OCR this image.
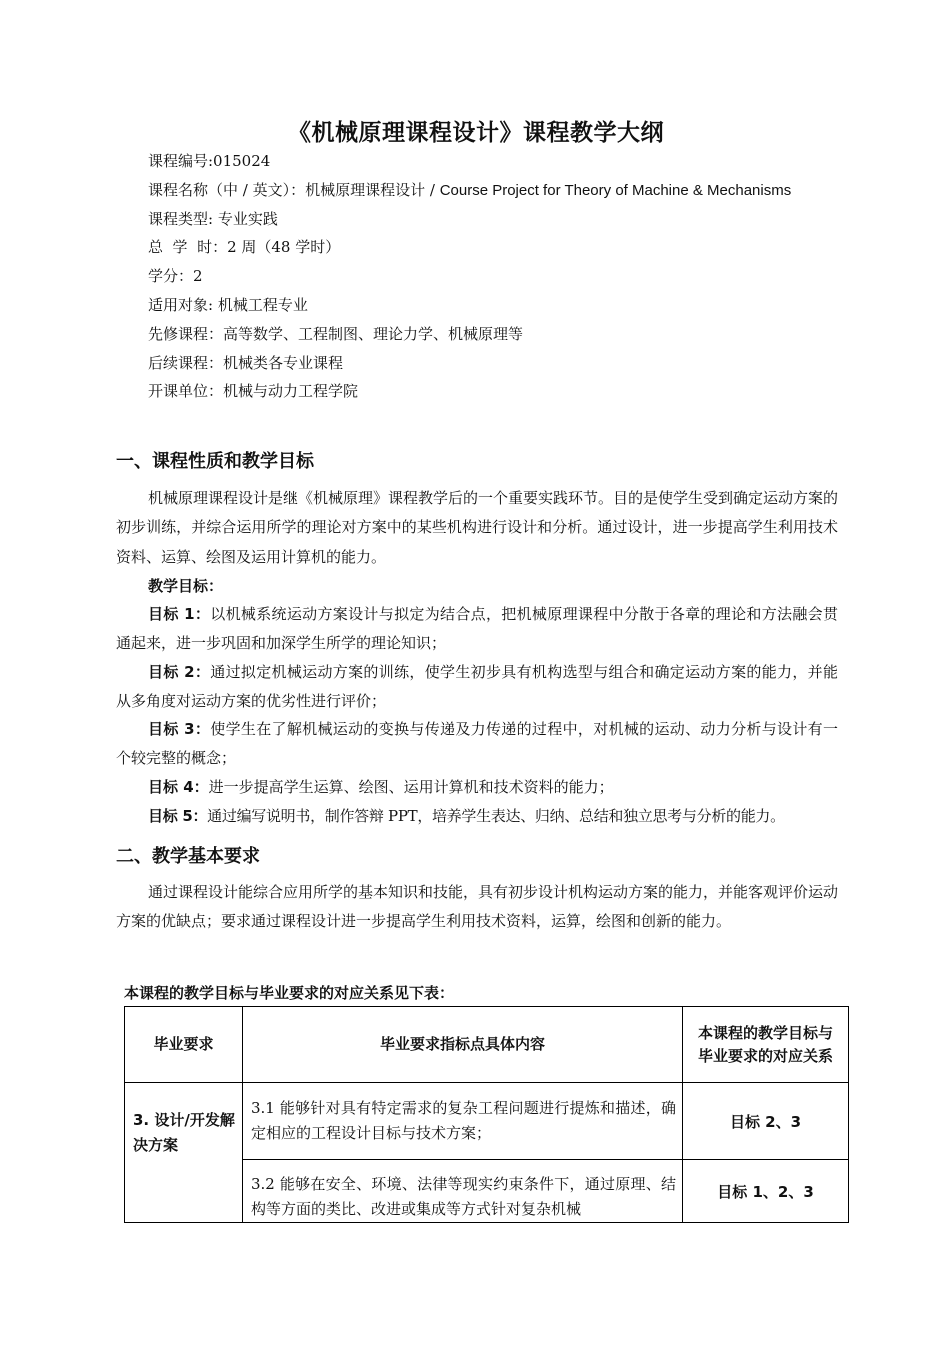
《机械原理课程设计》课程教学大纲
课程编号:015024
课程名称（中 / 英文）：机械原理课程设计 / Course Project for Theory of Machine & Mechanisms
课程类型: 专业实践
总  学  时：2 周（48 学时）
学分：2
适用对象: 机械工程专业
先修课程：高等数学、工程制图、理论力学、机械原理等
后续课程：机械类各专业课程
开课单位：机械与动力工程学院
一、课程性质和教学目标
机械原理课程设计是继《机械原理》课程教学后的一个重要实践环节。目的是使学生受到确定运动方案的初步训练，并综合运用所学的理论对方案中的某些机构进行设计和分析。通过设计，进一步提高学生利用技术资料、运算、绘图及运用计算机的能力。
教学目标：
目标 1：以机械系统运动方案设计与拟定为结合点，把机械原理课程中分散于各章的理论和方法融会贯通起来，进一步巩固和加深学生所学的理论知识；
目标 2：通过拟定机械运动方案的训练，使学生初步具有机构选型与组合和确定运动方案的能力，并能从多角度对运动方案的优劣性进行评价；
目标 3：使学生在了解机械运动的变换与传递及力传递的过程中，对机械的运动、动力分析与设计有一个较完整的概念；
目标 4：进一步提高学生运算、绘图、运用计算机和技术资料的能力；
目标 5：通过编写说明书，制作答辩 PPT，培养学生表达、归纳、总结和独立思考与分析的能力。
二、教学基本要求
通过课程设计能综合应用所学的基本知识和技能，具有初步设计机构运动方案的能力，并能客观评价运动方案的优缺点；要求通过课程设计进一步提高学生利用技术资料，运算，绘图和创新的能力。
本课程的教学目标与毕业要求的对应关系见下表：
毕业要求	毕业要求指标点具体内容	本课程的教学目标与毕业要求的对应关系

3. 设计/开发解决方案	3.1 能够针对具有特定需求的复杂工程问题进行提炼和描述，确定相应的工程设计目标与技术方案；	目标 2、3
	3.2 能够在安全、环境、法律等现实约束条件下，通过原理、结构等方面的类比、改进或集成等方式针对复杂机械	目标 1、2、3
